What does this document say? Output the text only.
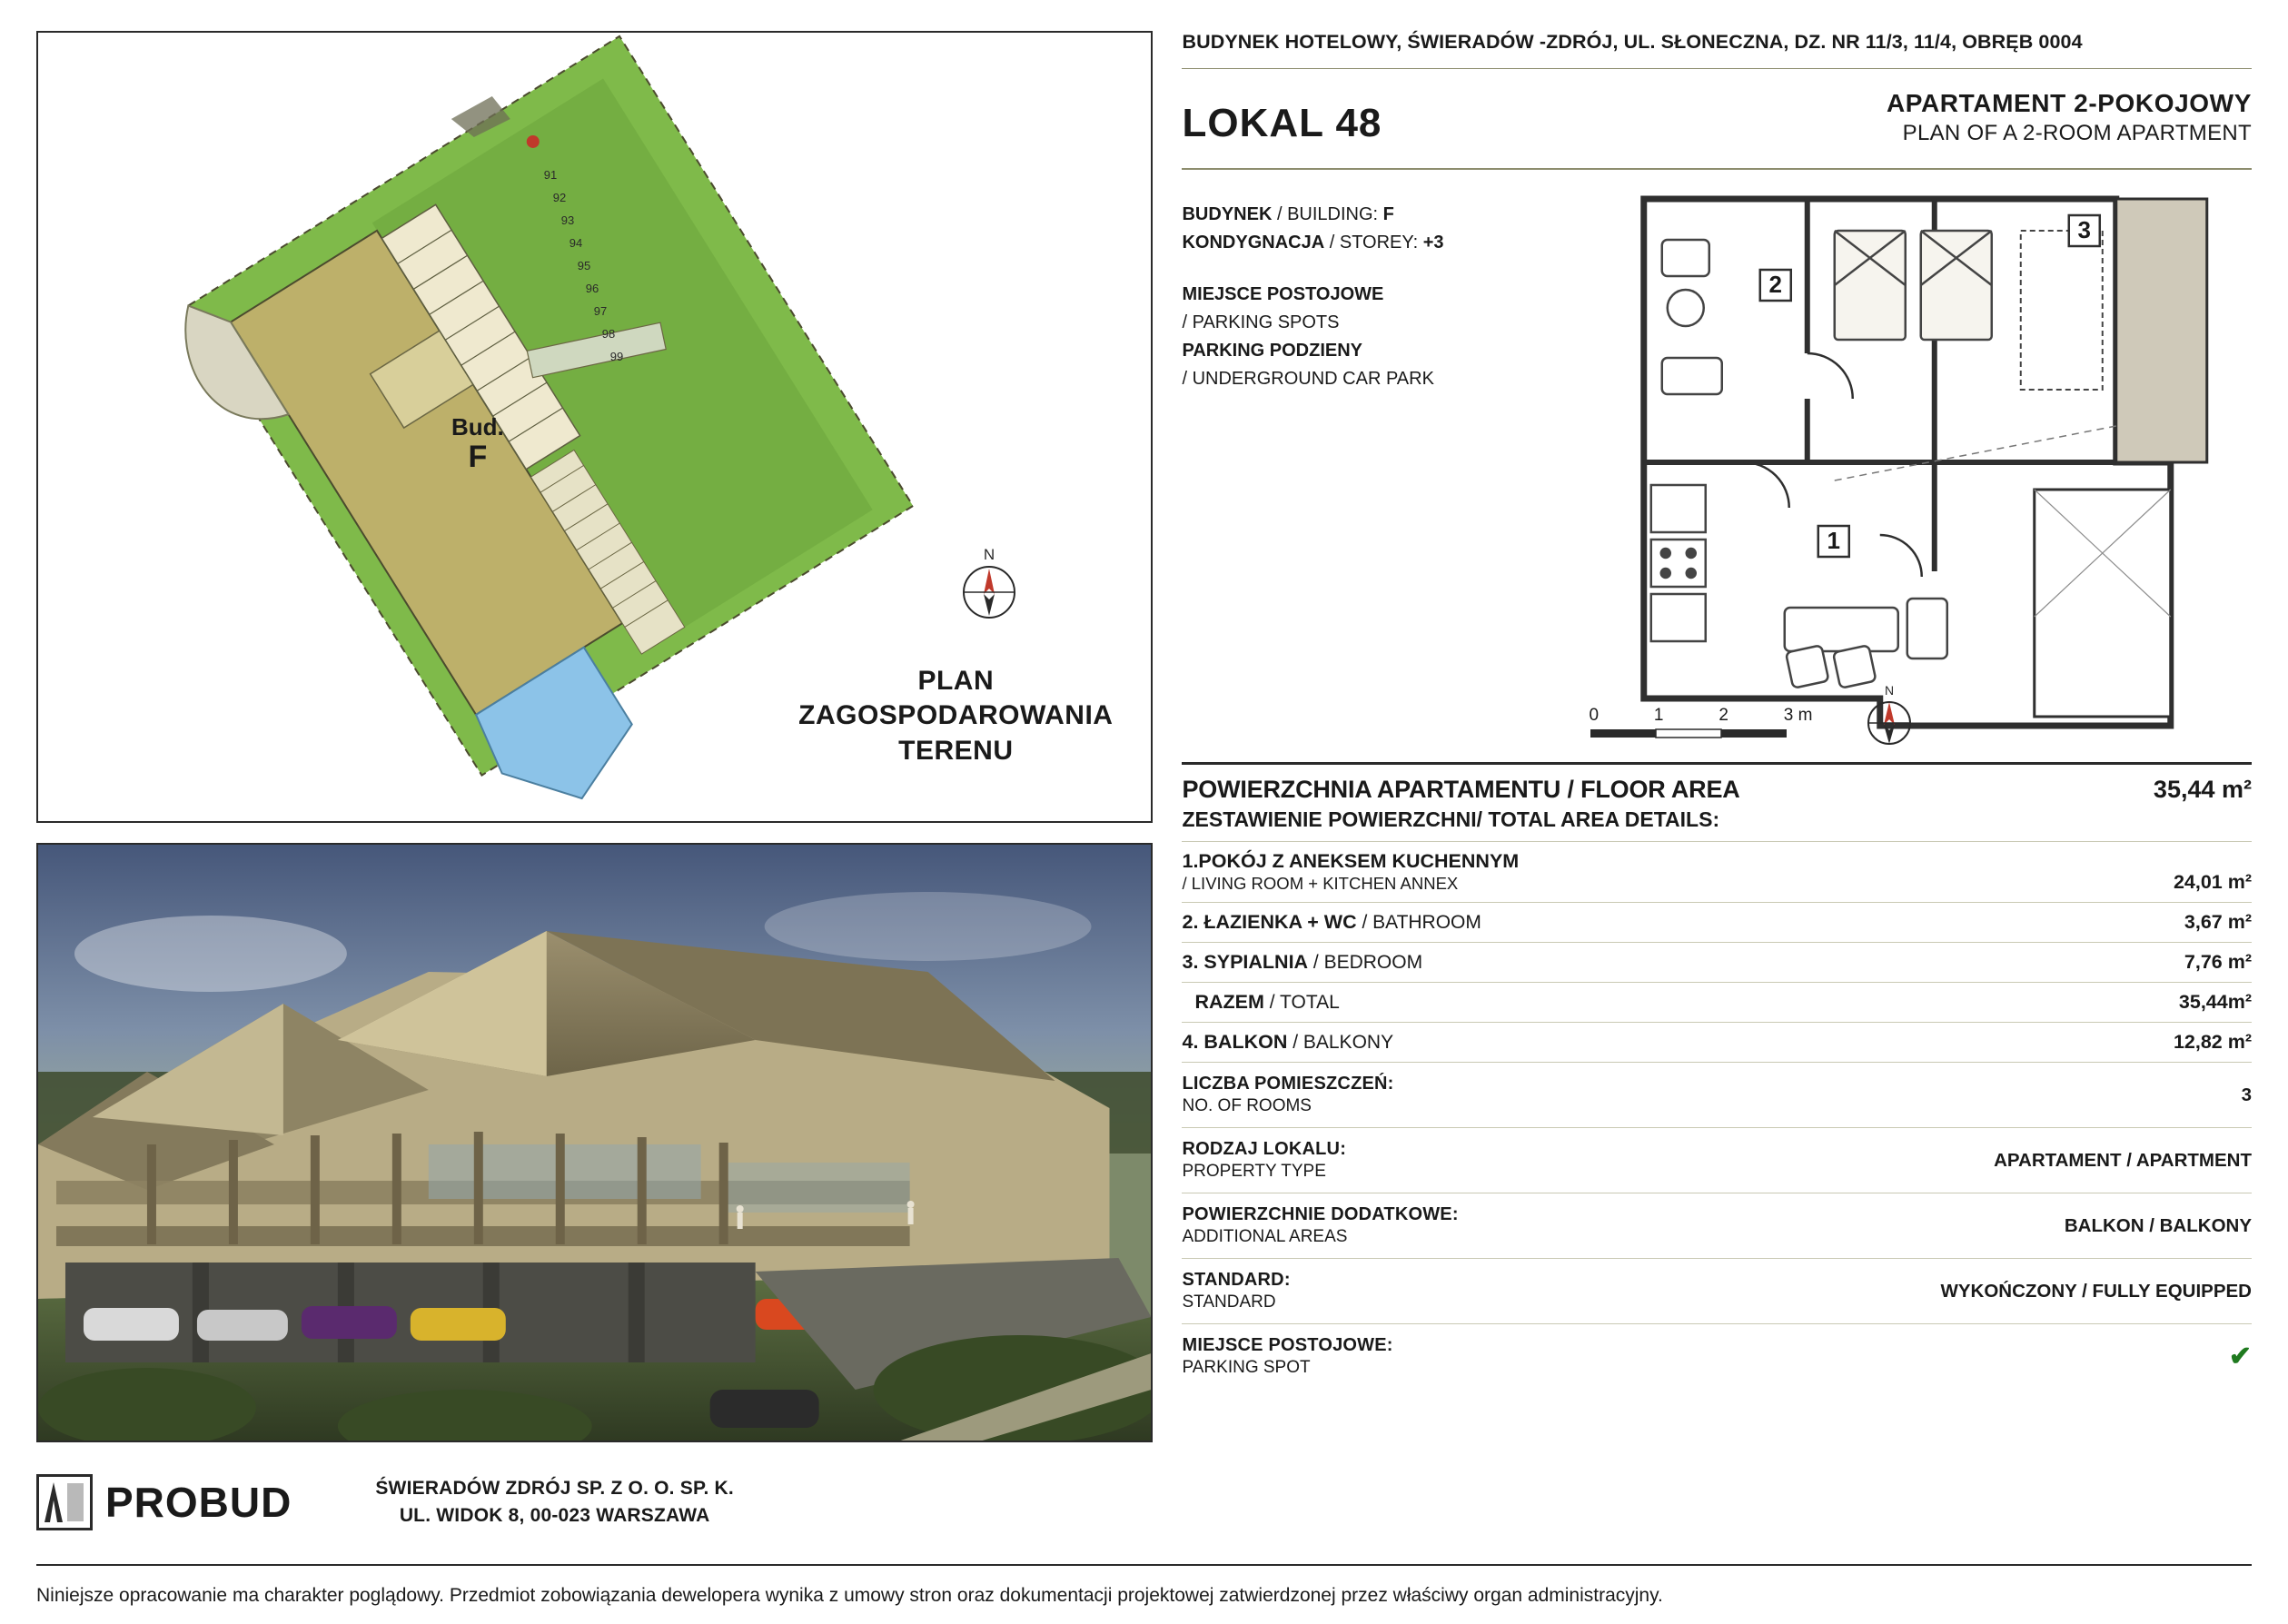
91
92
93
94
95
96
97
98
99
PLAN
ZAGOSPODAROWANIA
TERENU
Bud.
F
N
PROBUD	ŚWIERADÓW ZDRÓJ SP. Z O. O. SP. K.
UL. WIDOK 8, 00-023 WARSZAWA
BUDYNEK HOTELOWY, ŚWIERADÓW -ZDRÓJ, UL. SŁONECZNA, DZ. NR 11/3, 11/4, OBRĘB 0004
LOKAL 48	APARTAMENT 2-POKOJOWY
PLAN OF A 2-ROOM APARTMENT
BUDYNEK / BUILDING: F
KONDYGNACJA / STOREY: +3
MIEJSCE POSTOJOWE
/ PARKING SPOTS
PARKING PODZIENY
/ UNDERGROUND CAR PARK
2
3
1
0	1	2	3 m
N
POWIERZCHNIA APARTAMENTU / FLOOR AREA	35,44 m²
ZESTAWIENIE POWIERZCHNI/ TOTAL AREA DETAILS:
1.POKÓJ Z ANEKSEM KUCHENNYM
/ LIVING ROOM + KITCHEN ANNEX	24,01 m²
2. ŁAZIENKA + WC / BATHROOM	3,67 m²
3. SYPIALNIA / BEDROOM	7,76 m²
RAZEM / TOTAL	35,44m²
4. BALKON / BALKONY	12,82 m²
LICZBA POMIESZCZEŃ:
NO. OF ROOMS
3
RODZAJ LOKALU:
PROPERTY TYPE
APARTAMENT / APARTMENT
POWIERZCHNIE DODATKOWE:
ADDITIONAL AREAS
BALKON / BALKONY
STANDARD:
STANDARD
WYKOŃCZONY / FULLY EQUIPPED
MIEJSCE POSTOJOWE:
PARKING SPOT	✔
Niniejsze opracowanie ma charakter poglądowy. Przedmiot zobowiązania dewelopera wynika z umowy stron oraz dokumentacji projektowej zatwierdzonej przez właściwy organ administracyjny.
